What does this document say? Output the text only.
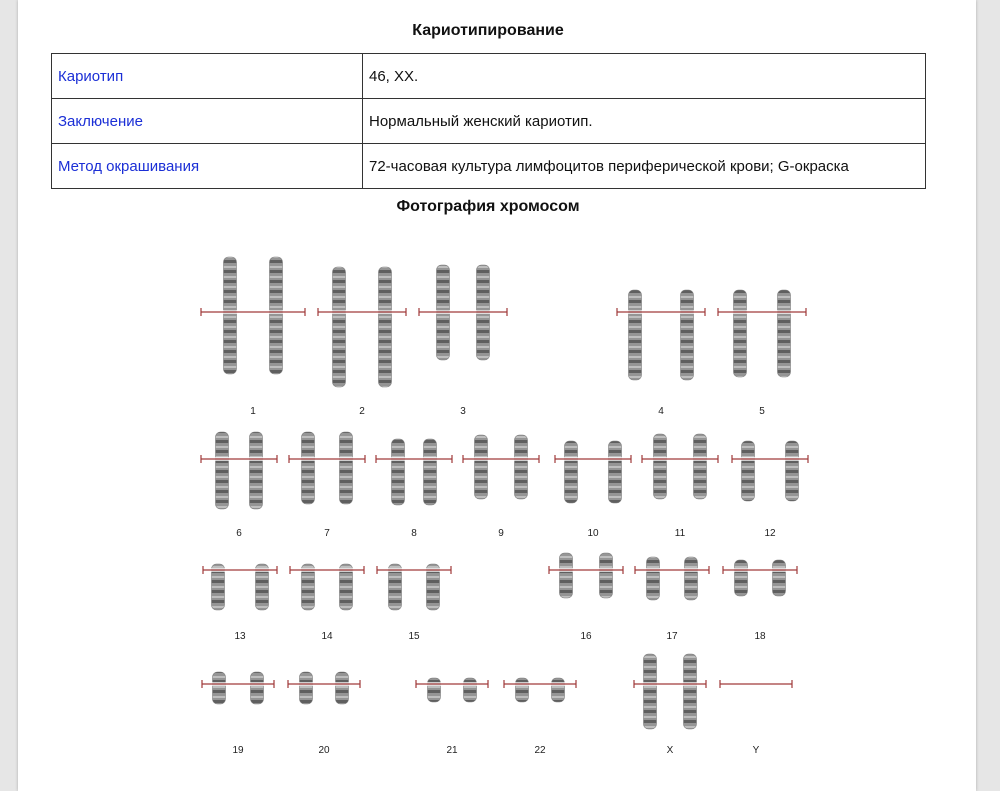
Кариотипирование
Кариотип	46, XX.
Заключение	Нормальный женский кариотип.
Метод окрашивания	72-часовая культура лимфоцитов периферической крови; G-окраска
Фотография хромосом
1	2	3	4	5
6	7	8	9	10	11	12
13	14	15	16	17	18
19	20	21	22	X	Y
